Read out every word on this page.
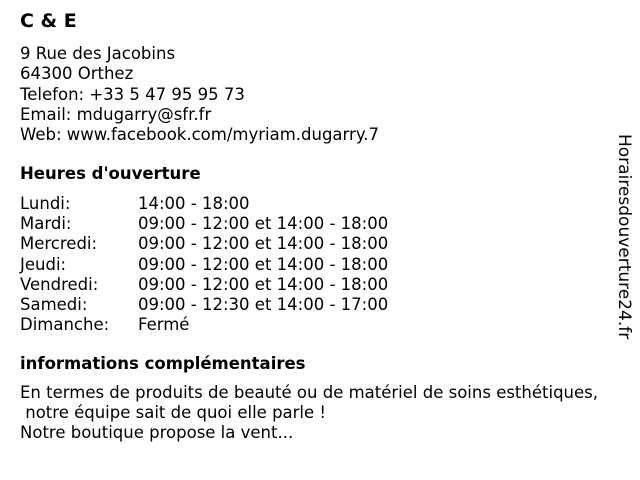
C & E
9 Rue des Jacobins
64300 Orthez
Telefon: +33 5 47 95 95 73
Email: mdugarry@sfr.fr
Web: www.facebook.com/myriam.dugarry.7
Heures d'ouverture
Lundi:	14:00 - 18:00
Mardi:	09:00 - 12:00 et 14:00 - 18:00
Mercredi:	09:00 - 12:00 et 14:00 - 18:00
Jeudi:	09:00 - 12:00 et 14:00 - 18:00
Vendredi:	09:00 - 12:00 et 14:00 - 18:00
Samedi:	09:00 - 12:30 et 14:00 - 17:00
Dimanche:	Fermé
informations complémentaires
En termes de produits de beauté ou de matériel de soins esthétiques,
notre équipe sait de quoi elle parle !
Notre boutique propose la vent...
Horairesdouverture24.fr
